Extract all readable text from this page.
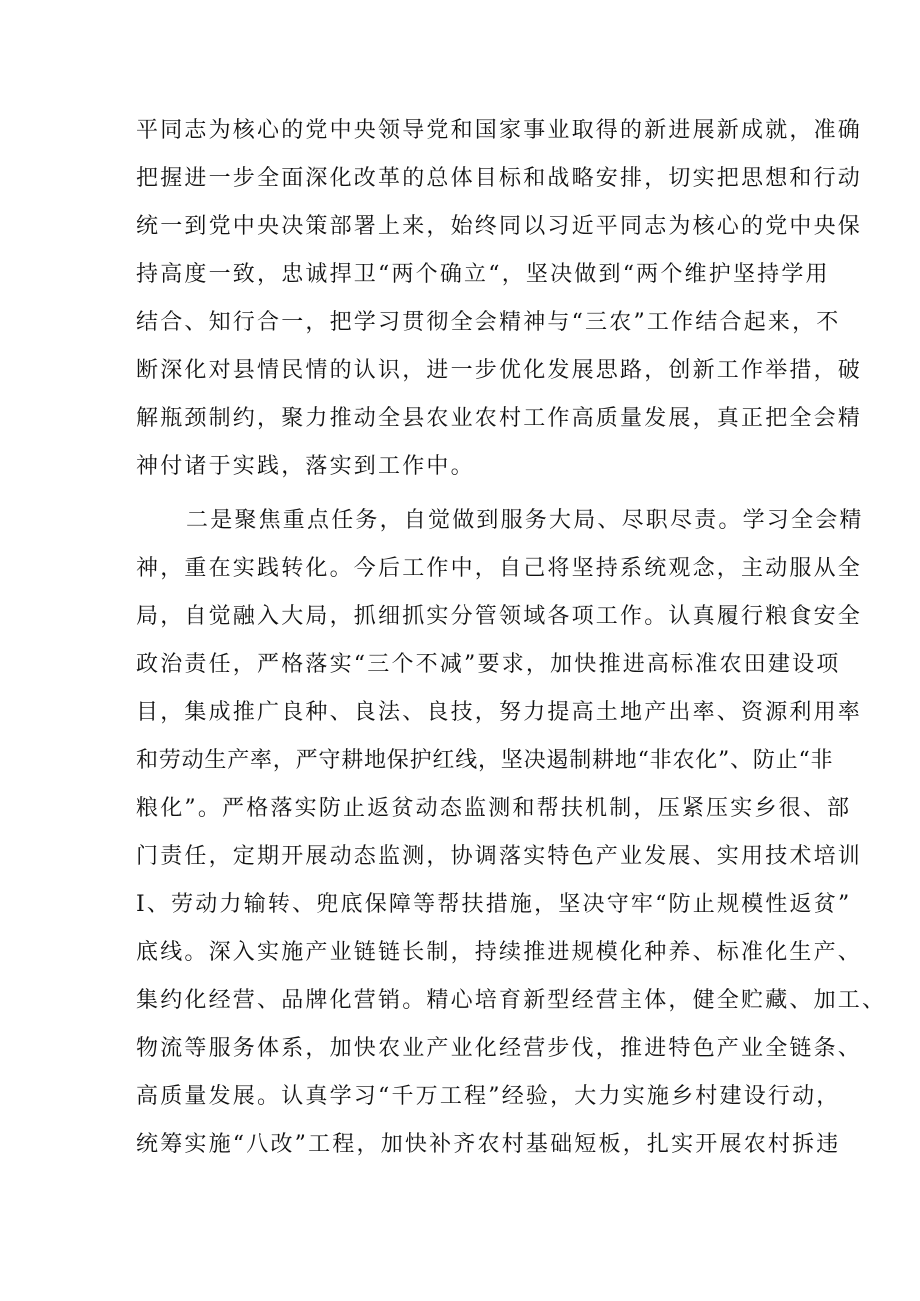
平同志为核心的党中央领导党和国家事业取得的新进展新成就，准确
把握进一步全面深化改革的总体目标和战略安排，切实把思想和行动
统一到党中央决策部署上来，始终同以习近平同志为核心的党中央保
持高度一致，忠诚捍卫“两个确立“，坚决做到“两个维护坚持学用
结合、知行合一，把学习贯彻全会精神与“三农”工作结合起来，不
断深化对县情民情的认识，进一步优化发展思路，创新工作举措，破
解瓶颈制约，聚力推动全县农业农村工作高质量发展，真正把全会精
神付诸于实践，落实到工作中。
二是聚焦重点任务，自觉做到服务大局、尽职尽责。学习全会精
神，重在实践转化。今后工作中，自己将坚持系统观念，主动服从全
局，自觉融入大局，抓细抓实分管领域各项工作。认真履行粮食安全
政治责任，严格落实“三个不减”要求，加快推进高标准农田建设项
目，集成推广良种、良法、良技，努力提高土地产出率、资源利用率
和劳动生产率，严守耕地保护红线，坚决遏制耕地“非农化”、防止“非
粮化”。严格落实防止返贫动态监测和帮扶机制，压紧压实乡很、部
门责任，定期开展动态监测，协调落实特色产业发展、实用技术培训
Ⅰ、劳动力输转、兜底保障等帮扶措施，坚决守牢“防止规模性返贫”
底线。深入实施产业链链长制，持续推进规模化种养、标准化生产、
集约化经营、品牌化营销。精心培育新型经营主体，健全贮藏、加工、
物流等服务体系，加快农业产业化经营步伐，推进特色产业全链条、
高质量发展。认真学习“千万工程”经验，大力实施乡村建设行动，
统筹实施“八改”工程，加快补齐农村基础短板，扎实开展农村拆违
